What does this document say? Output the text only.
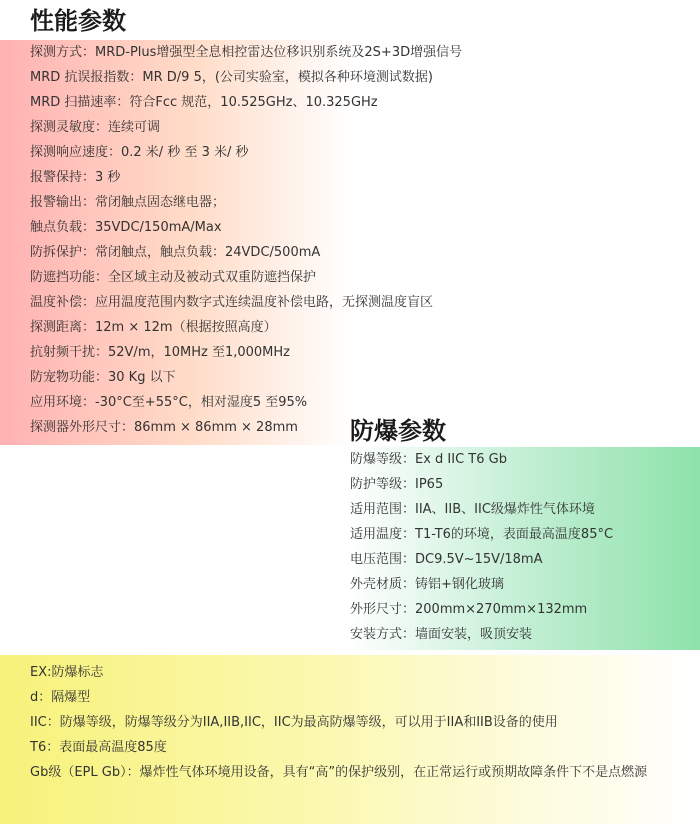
性能参数
防爆参数
探测方式：MRD-Plus增强型全息相控雷达位移识别系统及2S+3D增强信号
MRD 抗误报指数：MR D/9 5，(公司实验室，模拟各种环境测试数据)
MRD 扫描速率：符合Fcc 规范，10.525GHz、10.325GHz
探测灵敏度：连续可调
探测响应速度：0.2 米/ 秒 至 3 米/ 秒
报警保持：3 秒
报警输出：常闭触点固态继电器；
触点负载：35VDC/150mA/Max
防拆保护：常闭触点，触点负载：24VDC/500mA
防遮挡功能：全区域主动及被动式双重防遮挡保护
温度补偿：应用温度范围内数字式连续温度补偿电路，无探测温度盲区
探测距离：12m × 12m（根据按照高度）
抗射频干扰：52V/m，10MHz 至1,000MHz
防宠物功能：30 Kg 以下
应用环境：-30°C至+55°C，相对湿度5 至95%
探测器外形尺寸：86mm × 86mm × 28mm
防爆等级：Ex d IIC T6 Gb
防护等级：IP65
适用范围：IIA、IIB、IIC级爆炸性气体环境
适用温度：T1-T6的环境，表面最高温度85°C
电压范围：DC9.5V~15V/18mA
外壳材质：铸铝+钢化玻璃
外形尺寸：200mm×270mm×132mm
安装方式：墙面安装，吸顶安装
EX:防爆标志
d：隔爆型
IIC：防爆等级，防爆等级分为IIA,IIB,IIC，IIC为最高防爆等级，可以用于IIA和IIB设备的使用
T6：表面最高温度85度
Gb级（EPL Gb）： 爆炸性气体环境用设备，具有“高”的保护级别，在正常运行或预期故障条件下不是点燃源
